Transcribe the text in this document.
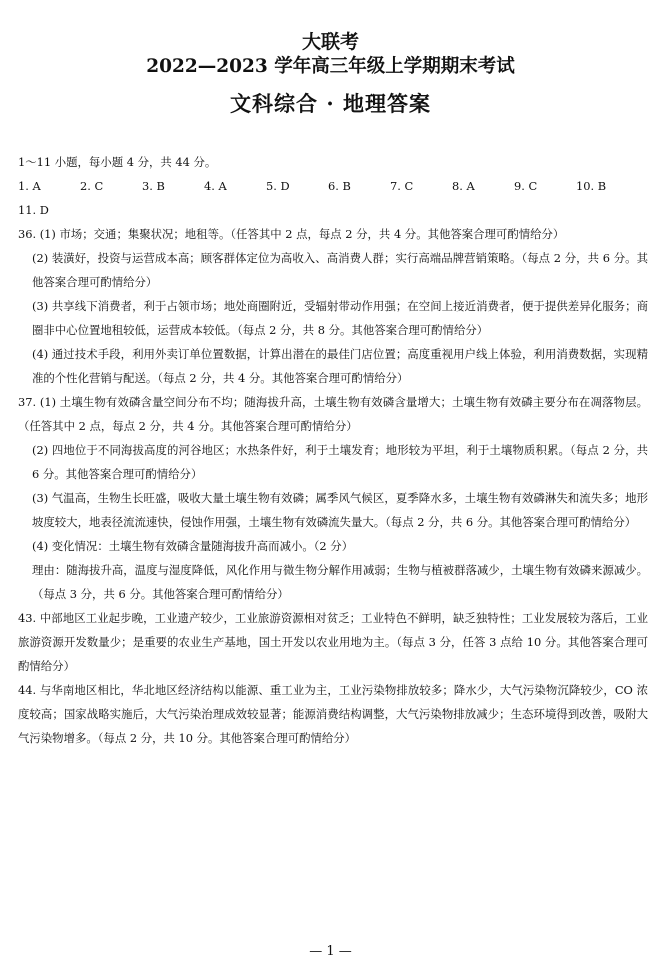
大联考
2022—2023 学年高三年级上学期期末考试
文科综合 · 地理答案
1～11 小题，每小题 4 分，共 44 分。
1. A	2. C	3. B	4. A	5. D	6. B	7. C	8. A	9. C	10. B
11. D
36. (1) 市场；交通；集聚状况；地租等。（任答其中 2 点，每点 2 分，共 4 分。其他答案合理可酌情给分）
(2) 装潢好，投资与运营成本高；顾客群体定位为高收入、高消费人群；实行高端品牌营销策略。（每点 2 分，共 6 分。其他答案合理可酌情给分）
(3) 共享线下消费者，利于占领市场；地处商圈附近，受辐射带动作用强；在空间上接近消费者，便于提供差异化服务；商圈非中心位置地租较低，运营成本较低。（每点 2 分，共 8 分。其他答案合理可酌情给分）
(4) 通过技术手段，利用外卖订单位置数据，计算出潜在的最佳门店位置；高度重视用户线上体验，利用消费数据，实现精准的个性化营销与配送。（每点 2 分，共 4 分。其他答案合理可酌情给分）
37. (1) 土壤生物有效磷含量空间分布不均；随海拔升高，土壤生物有效磷含量增大；土壤生物有效磷主要分布在凋落物层。（任答其中 2 点，每点 2 分，共 4 分。其他答案合理可酌情给分）
(2) 四地位于不同海拔高度的河谷地区；水热条件好，利于土壤发育；地形较为平坦，利于土壤物质积累。（每点 2 分，共 6 分。其他答案合理可酌情给分）
(3) 气温高，生物生长旺盛，吸收大量土壤生物有效磷；属季风气候区，夏季降水多，土壤生物有效磷淋失和流失多；地形坡度较大，地表径流流速快，侵蚀作用强，土壤生物有效磷流失量大。（每点 2 分，共 6 分。其他答案合理可酌情给分）
(4) 变化情况：土壤生物有效磷含量随海拔升高而减小。（2 分）
理由：随海拔升高，温度与湿度降低，风化作用与微生物分解作用减弱；生物与植被群落减少，土壤生物有效磷来源减少。（每点 3 分，共 6 分。其他答案合理可酌情给分）
43. 中部地区工业起步晚，工业遗产较少，工业旅游资源相对贫乏；工业特色不鲜明，缺乏独特性；工业发展较为落后，工业旅游资源开发数量少；是重要的农业生产基地，国土开发以农业用地为主。（每点 3 分，任答 3 点给 10 分。其他答案合理可酌情给分）
44. 与华南地区相比，华北地区经济结构以能源、重工业为主，工业污染物排放较多；降水少，大气污染物沉降较少，CO 浓度较高；国家战略实施后，大气污染治理成效较显著；能源消费结构调整，大气污染物排放减少；生态环境得到改善，吸附大气污染物增多。（每点 2 分，共 10 分。其他答案合理可酌情给分）
— 1 —
